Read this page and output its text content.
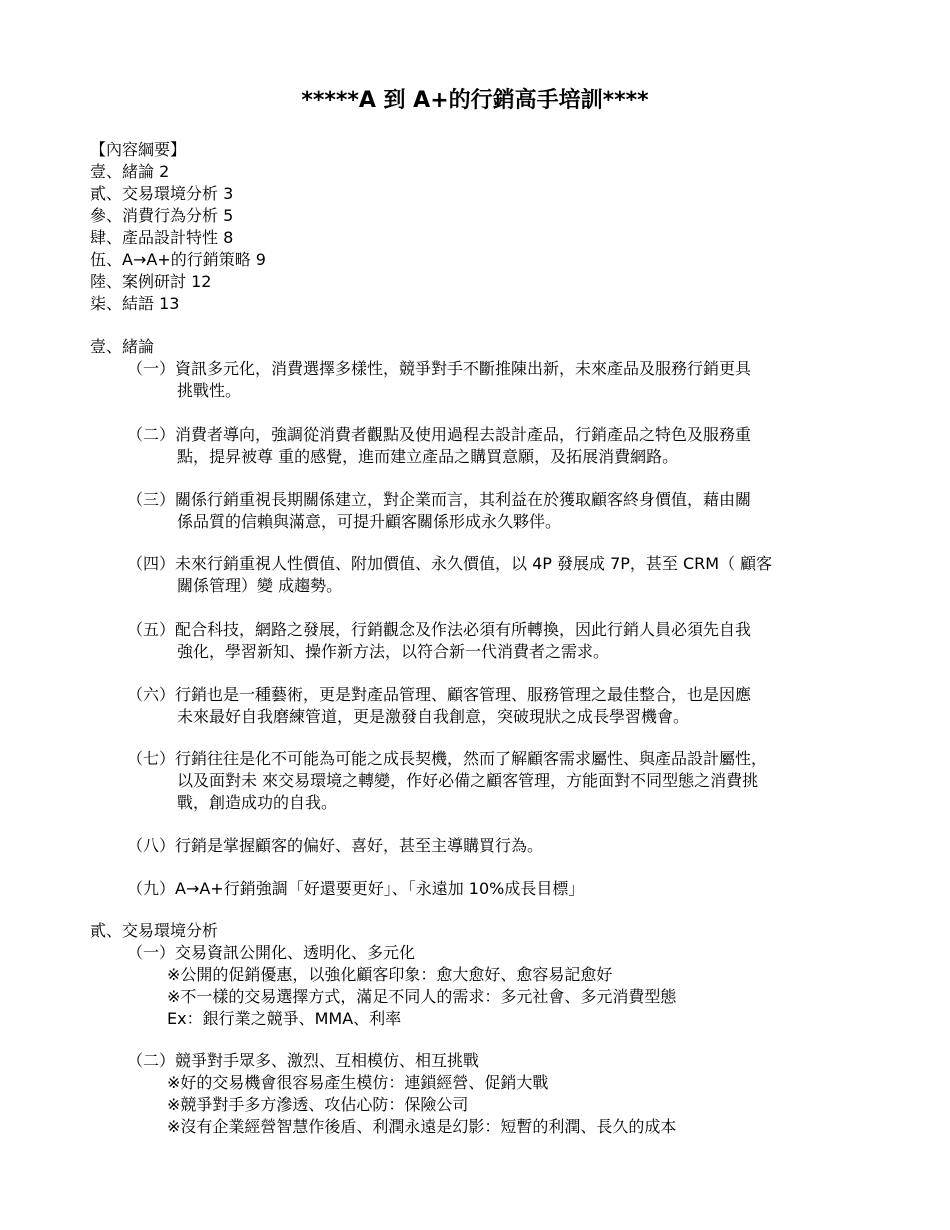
*****A 到 A+的行銷高手培訓****
【內容綱要】
壹、緒論 2
貳、交易環境分析 3
參、消費行為分析 5
肆、產品設計特性 8
伍、A→A+的行銷策略 9
陸、案例研討 12
柒、結語 13
壹、緒論
（一）資訊多元化，消費選擇多樣性，競爭對手不斷推陳出新，未來產品及服務行銷更具
挑戰性。
（二）消費者導向，強調從消費者觀點及使用過程去設計產品，行銷產品之特色及服務重
點，提昇被尊 重的感覺，進而建立產品之購買意願，及拓展消費網路。
（三）關係行銷重視長期關係建立，對企業而言，其利益在於獲取顧客終身價值，藉由關
係品質的信賴與滿意，可提升顧客關係形成永久夥伴。
（四）未來行銷重視人性價值、附加價值、永久價值，以 4P 發展成 7P，甚至 CRM（ 顧客
關係管理）變 成趨勢。
（五）配合科技，網路之發展，行銷觀念及作法必須有所轉換，因此行銷人員必須先自我
強化，學習新知、操作新方法，以符合新一代消費者之需求。
（六）行銷也是一種藝術，更是對產品管理、顧客管理、服務管理之最佳整合，也是因應
未來最好自我磨練管道，更是激發自我創意，突破現狀之成長學習機會。
（七）行銷往往是化不可能為可能之成長契機，然而了解顧客需求屬性、與產品設計屬性，
以及面對未 來交易環境之轉變，作好必備之顧客管理，方能面對不同型態之消費挑
戰，創造成功的自我。
（八）行銷是掌握顧客的偏好、喜好，甚至主導購買行為。
（九）A→A+行銷強調「好還要更好」、「永遠加 10%成長目標」
貳、交易環境分析
（一）交易資訊公開化、透明化、多元化
※公開的促銷優惠，以強化顧客印象：愈大愈好、愈容易記愈好
※不一樣的交易選擇方式，滿足不同人的需求：多元社會、多元消費型態
Ex：銀行業之競爭、MMA、利率
（二）競爭對手眾多、激烈、互相模仿、相互挑戰
※好的交易機會很容易產生模仿：連鎖經營、促銷大戰
※競爭對手多方滲透、攻佔心防：保險公司
※沒有企業經營智慧作後盾、利潤永遠是幻影：短暫的利潤、長久的成本
